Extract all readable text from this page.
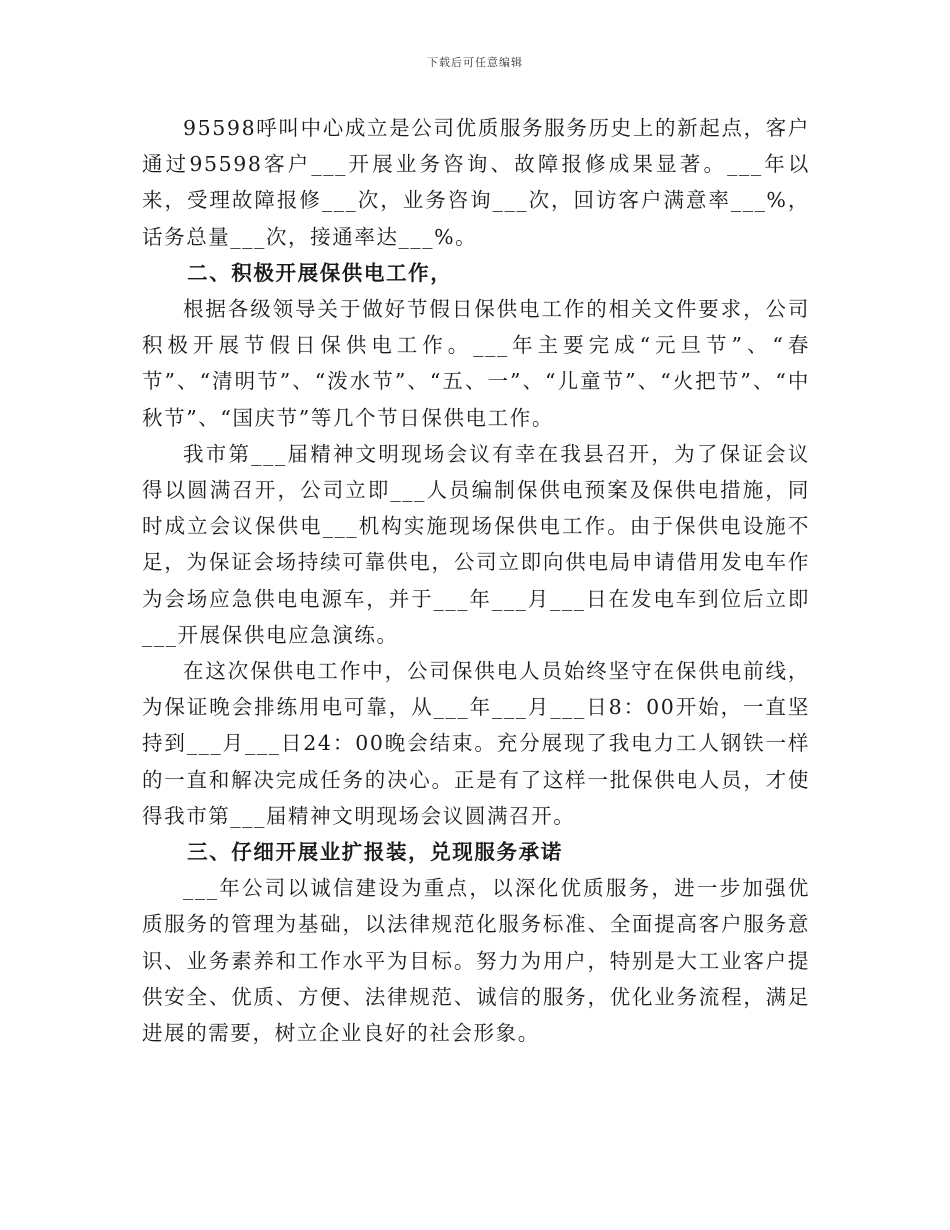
下载后可任意编辑

95598呼叫中心成立是公司优质服务服务历史上的新起点，客户通过95598客户___开展业务咨询、故障报修成果显著。___年以来，受理故障报修___次，业务咨询___次，回访客户满意率___%，话务总量___次，接通率达___%。

二、积极开展保供电工作，

根据各级领导关于做好节假日保供电工作的相关文件要求，公司积极开展节假日保供电工作。___年主要完成“元旦节”、“春节”、“清明节”、“泼水节”、“五、一”、“儿童节”、“火把节”、“中秋节”、“国庆节”等几个节日保供电工作。

我市第___届精神文明现场会议有幸在我县召开，为了保证会议得以圆满召开，公司立即___人员编制保供电预案及保供电措施，同时成立会议保供电___机构实施现场保供电工作。由于保供电设施不足，为保证会场持续可靠供电，公司立即向供电局申请借用发电车作为会场应急供电电源车，并于___年___月___日在发电车到位后立即___开展保供电应急演练。

在这次保供电工作中，公司保供电人员始终坚守在保供电前线，为保证晚会排练用电可靠，从___年___月___日8：00开始，一直坚持到___月___日24：00晚会结束。充分展现了我电力工人钢铁一样的一直和解决完成任务的决心。正是有了这样一批保供电人员，才使得我市第___届精神文明现场会议圆满召开。

三、仔细开展业扩报装，兑现服务承诺

___年公司以诚信建设为重点，以深化优质服务，进一步加强优质服务的管理为基础，以法律规范化服务标准、全面提高客户服务意识、业务素养和工作水平为目标。努力为用户，特别是大工业客户提供安全、优质、方便、法律规范、诚信的服务，优化业务流程，满足进展的需要，树立企业良好的社会形象。
